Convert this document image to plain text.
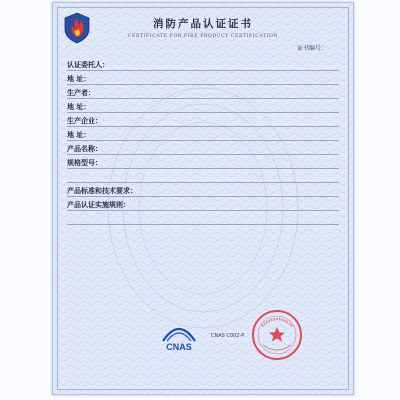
消防产品认证证书
CERTIFICATE FOR FIRE PRODUCT CERTIFICATION
证书编号：
认证委托人：
地 址：
生产者：
地 址：
生产企业：
地 址：
产品名称：
规格型号：
产品标准和技术要求：
产品认证实施规则：
CNAS
CNAS C002-P
